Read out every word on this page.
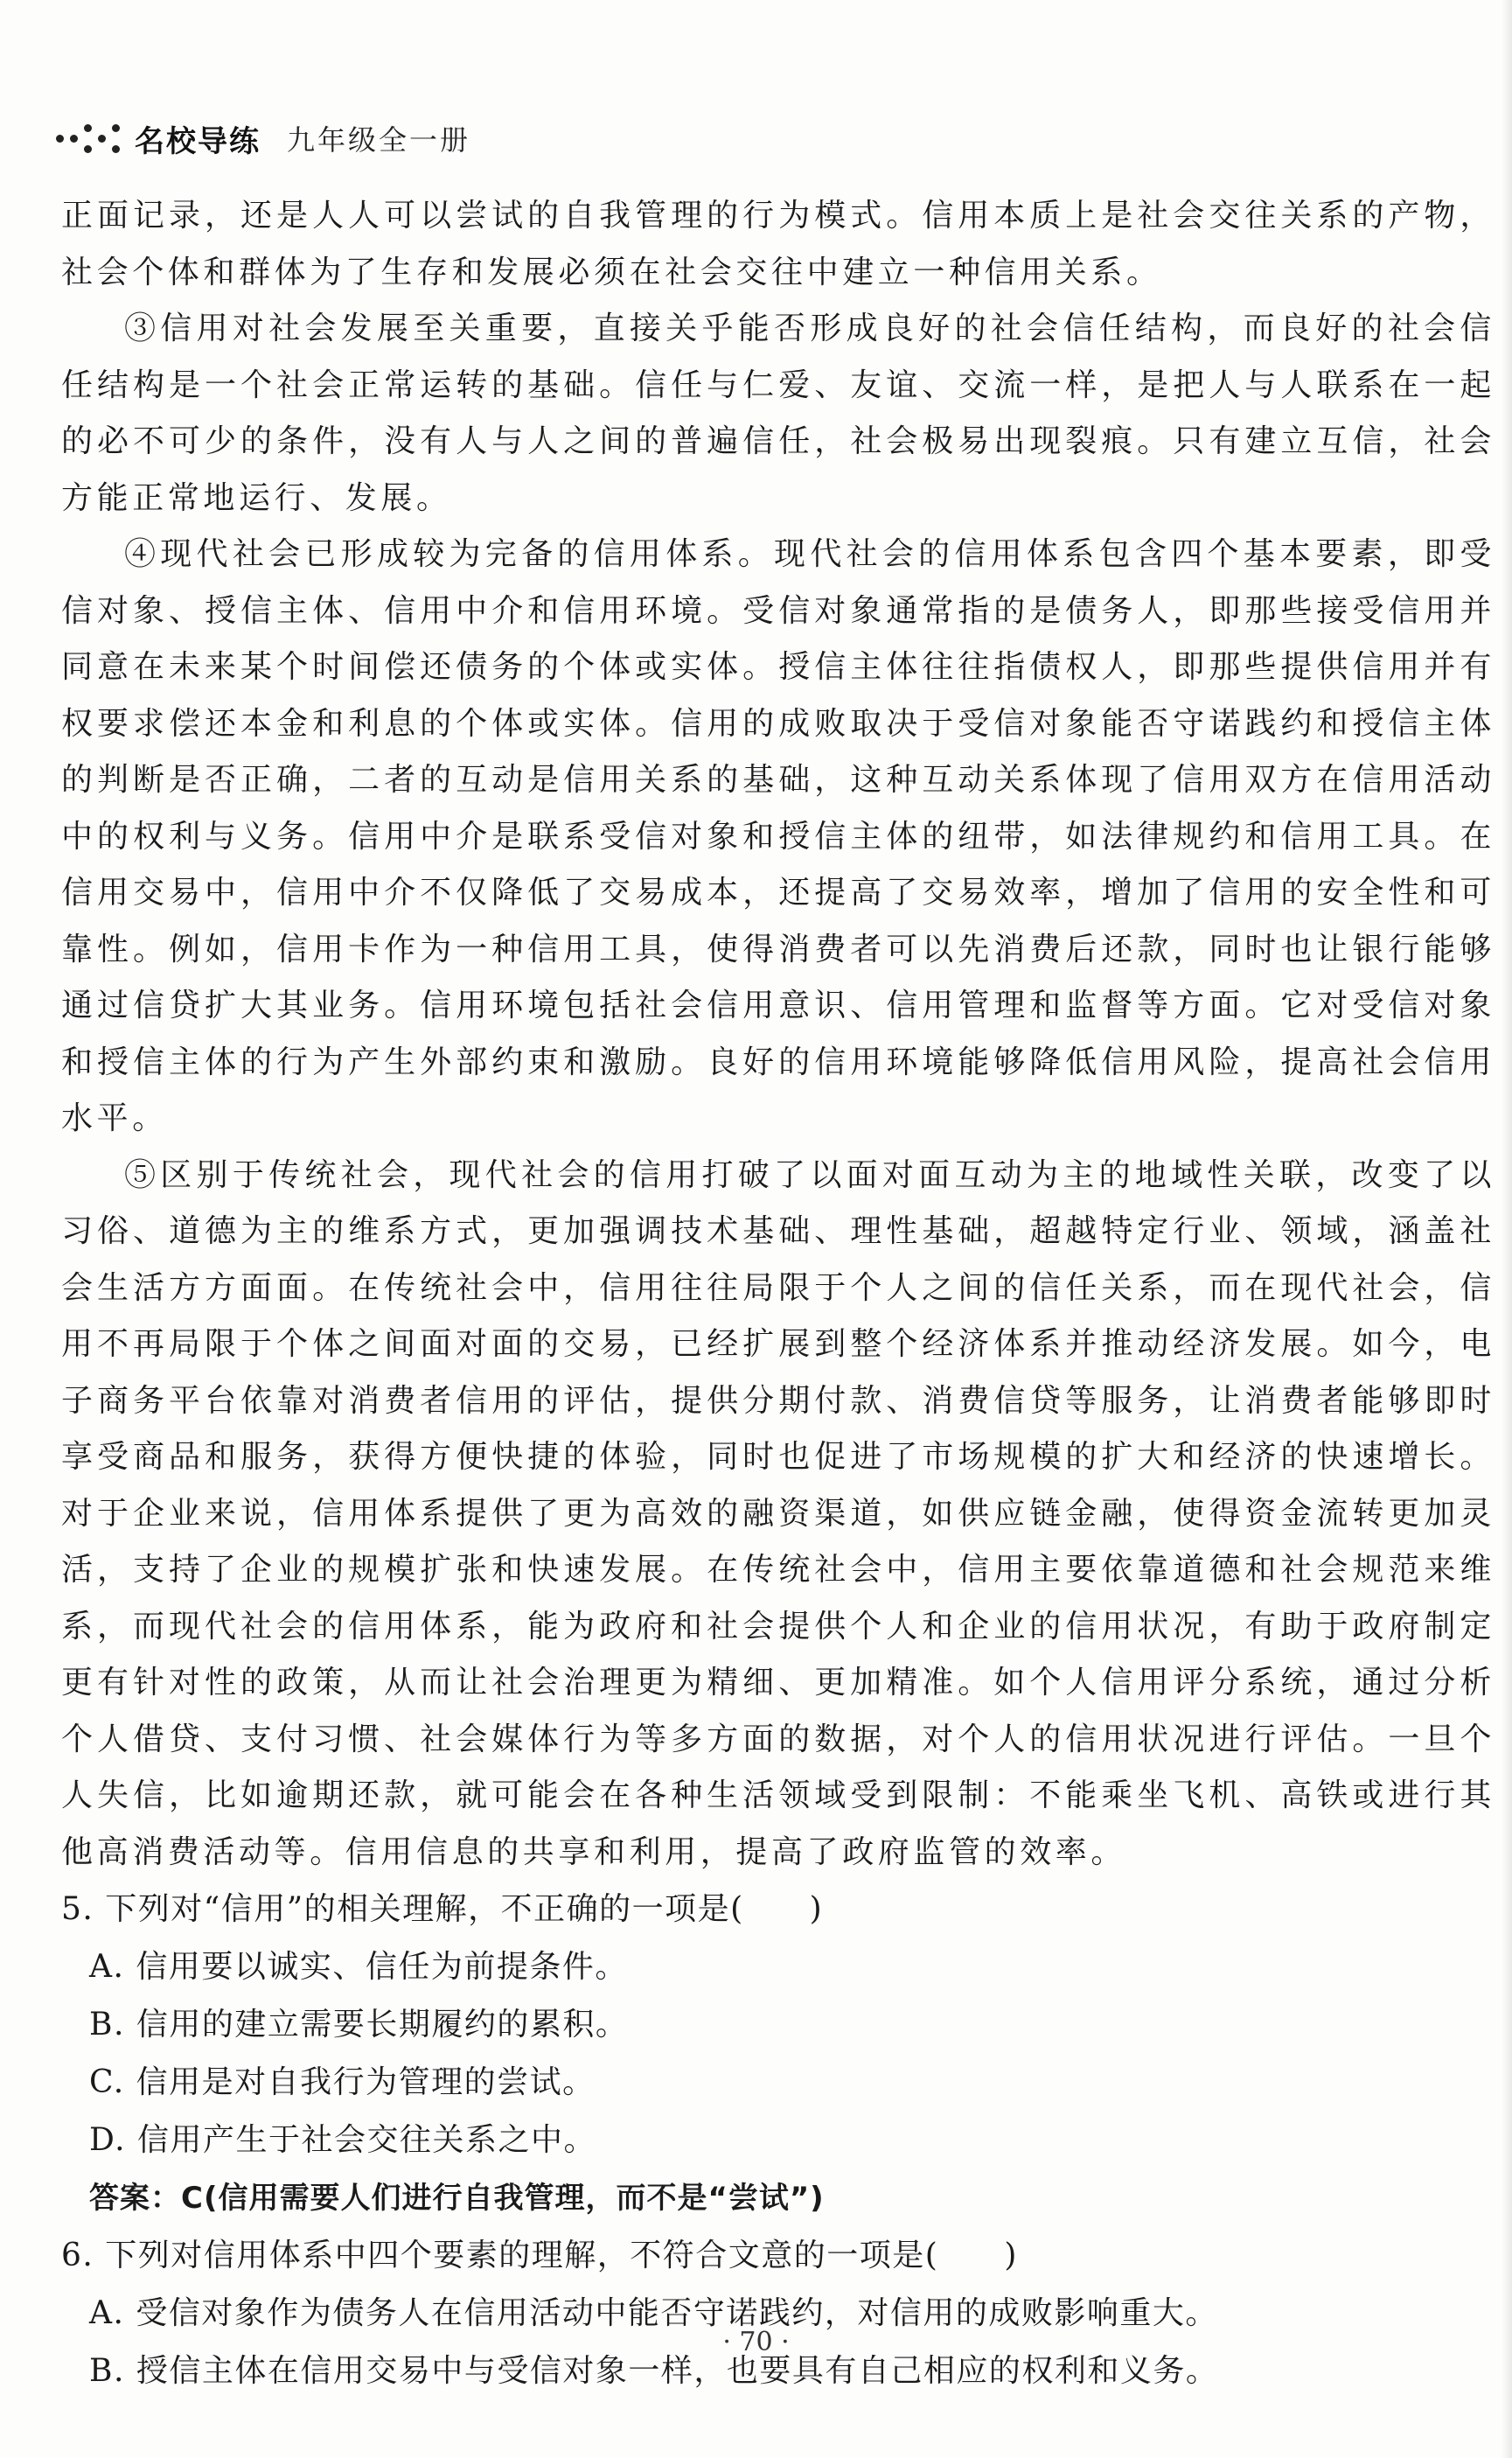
名校导练 九年级全一册

正面记录，还是人人可以尝试的自我管理的行为模式。信用本质上是社会交往关系的产物，社会个体和群体为了生存和发展必须在社会交往中建立一种信用关系。

③信用对社会发展至关重要，直接关乎能否形成良好的社会信任结构，而良好的社会信任结构是一个社会正常运转的基础。信任与仁爱、友谊、交流一样，是把人与人联系在一起的必不可少的条件，没有人与人之间的普遍信任，社会极易出现裂痕。只有建立互信，社会方能正常地运行、发展。

④现代社会已形成较为完备的信用体系。现代社会的信用体系包含四个基本要素，即受信对象、授信主体、信用中介和信用环境。受信对象通常指的是债务人，即那些接受信用并同意在未来某个时间偿还债务的个体或实体。授信主体往往指债权人，即那些提供信用并有权要求偿还本金和利息的个体或实体。信用的成败取决于受信对象能否守诺践约和授信主体的判断是否正确，二者的互动是信用关系的基础，这种互动关系体现了信用双方在信用活动中的权利与义务。信用中介是联系受信对象和授信主体的纽带，如法律规约和信用工具。在信用交易中，信用中介不仅降低了交易成本，还提高了交易效率，增加了信用的安全性和可靠性。例如，信用卡作为一种信用工具，使得消费者可以先消费后还款，同时也让银行能够通过信贷扩大其业务。信用环境包括社会信用意识、信用管理和监督等方面。它对受信对象和授信主体的行为产生外部约束和激励。良好的信用环境能够降低信用风险，提高社会信用水平。

⑤区别于传统社会，现代社会的信用打破了以面对面互动为主的地域性关联，改变了以习俗、道德为主的维系方式，更加强调技术基础、理性基础，超越特定行业、领域，涵盖社会生活方方面面。在传统社会中，信用往往局限于个人之间的信任关系，而在现代社会，信用不再局限于个体之间面对面的交易，已经扩展到整个经济体系并推动经济发展。如今，电子商务平台依靠对消费者信用的评估，提供分期付款、消费信贷等服务，让消费者能够即时享受商品和服务，获得方便快捷的体验，同时也促进了市场规模的扩大和经济的快速增长。对于企业来说，信用体系提供了更为高效的融资渠道，如供应链金融，使得资金流转更加灵活，支持了企业的规模扩张和快速发展。在传统社会中，信用主要依靠道德和社会规范来维系，而现代社会的信用体系，能为政府和社会提供个人和企业的信用状况，有助于政府制定更有针对性的政策，从而让社会治理更为精细、更加精准。如个人信用评分系统，通过分析个人借贷、支付习惯、社会媒体行为等多方面的数据，对个人的信用状况进行评估。一旦个人失信，比如逾期还款，就可能会在各种生活领域受到限制：不能乘坐飞机、高铁或进行其他高消费活动等。信用信息的共享和利用，提高了政府监管的效率。

5. 下列对“信用”的相关理解，不正确的一项是(　　)

A. 信用要以诚实、信任为前提条件。

B. 信用的建立需要长期履约的累积。

C. 信用是对自我行为管理的尝试。

D. 信用产生于社会交往关系之中。

答案：C(信用需要人们进行自我管理，而不是“尝试”)

6. 下列对信用体系中四个要素的理解，不符合文意的一项是(　　)

A. 受信对象作为债务人在信用活动中能否守诺践约，对信用的成败影响重大。

B. 授信主体在信用交易中与受信对象一样，也要具有自己相应的权利和义务。

· 70 ·
